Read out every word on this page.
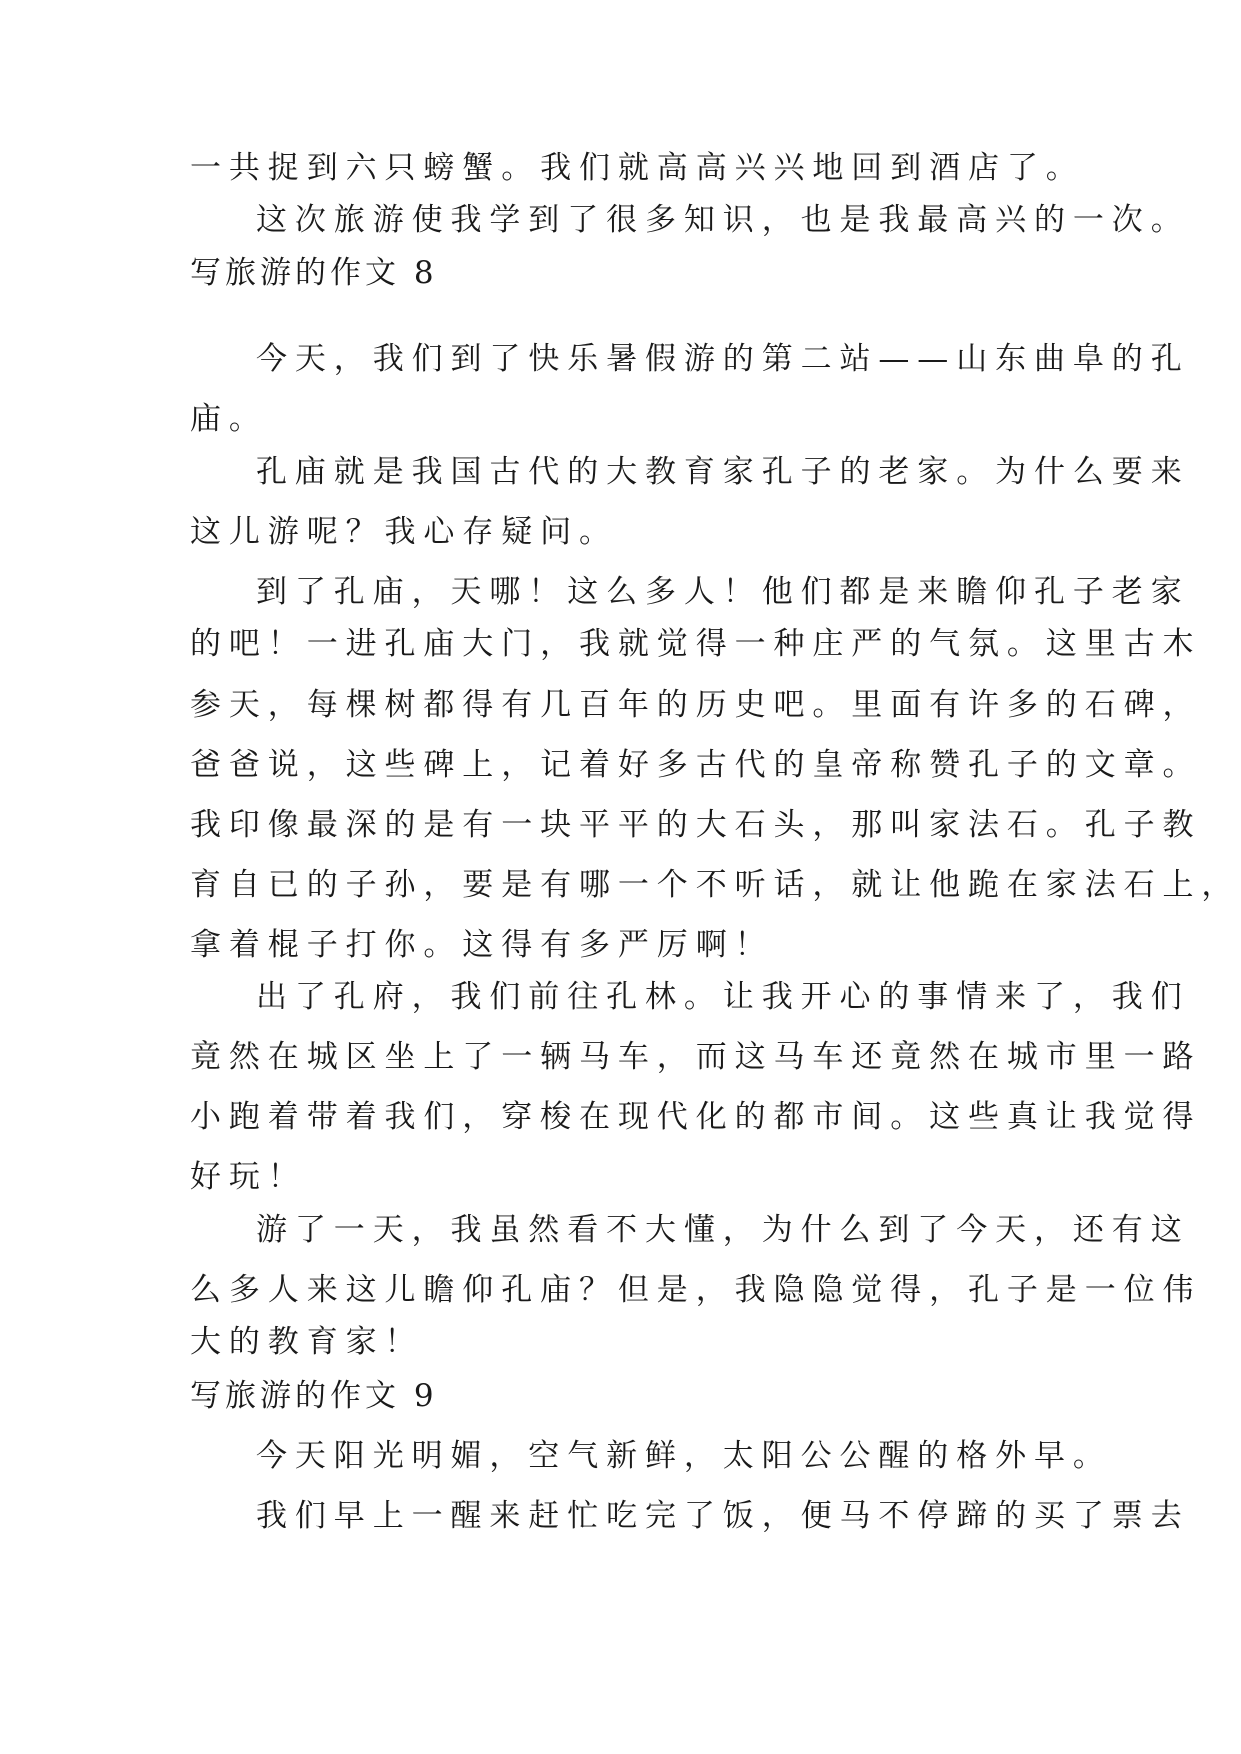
一共捉到六只螃蟹。我们就高高兴兴地回到酒店了。
这次旅游使我学到了很多知识，也是我最高兴的一次。
写旅游的作文 8
今天，我们到了快乐暑假游的第二站——山东曲阜的孔
庙。
孔庙就是我国古代的大教育家孔子的老家。为什么要来
这儿游呢？我心存疑问。
到了孔庙，天哪！这么多人！他们都是来瞻仰孔子老家
的吧！一进孔庙大门，我就觉得一种庄严的气氛。这里古木
参天，每棵树都得有几百年的历史吧。里面有许多的石碑，
爸爸说，这些碑上，记着好多古代的皇帝称赞孔子的文章。
我印像最深的是有一块平平的大石头，那叫家法石。孔子教
育自已的子孙，要是有哪一个不听话，就让他跪在家法石上，
拿着棍子打你。这得有多严厉啊！
出了孔府，我们前往孔林。让我开心的事情来了，我们
竟然在城区坐上了一辆马车，而这马车还竟然在城市里一路
小跑着带着我们，穿梭在现代化的都市间。这些真让我觉得
好玩！
游了一天，我虽然看不大懂，为什么到了今天，还有这
么多人来这儿瞻仰孔庙？但是，我隐隐觉得，孔子是一位伟
大的教育家！
写旅游的作文 9
今天阳光明媚，空气新鲜，太阳公公醒的格外早。
我们早上一醒来赶忙吃完了饭，便马不停蹄的买了票去
